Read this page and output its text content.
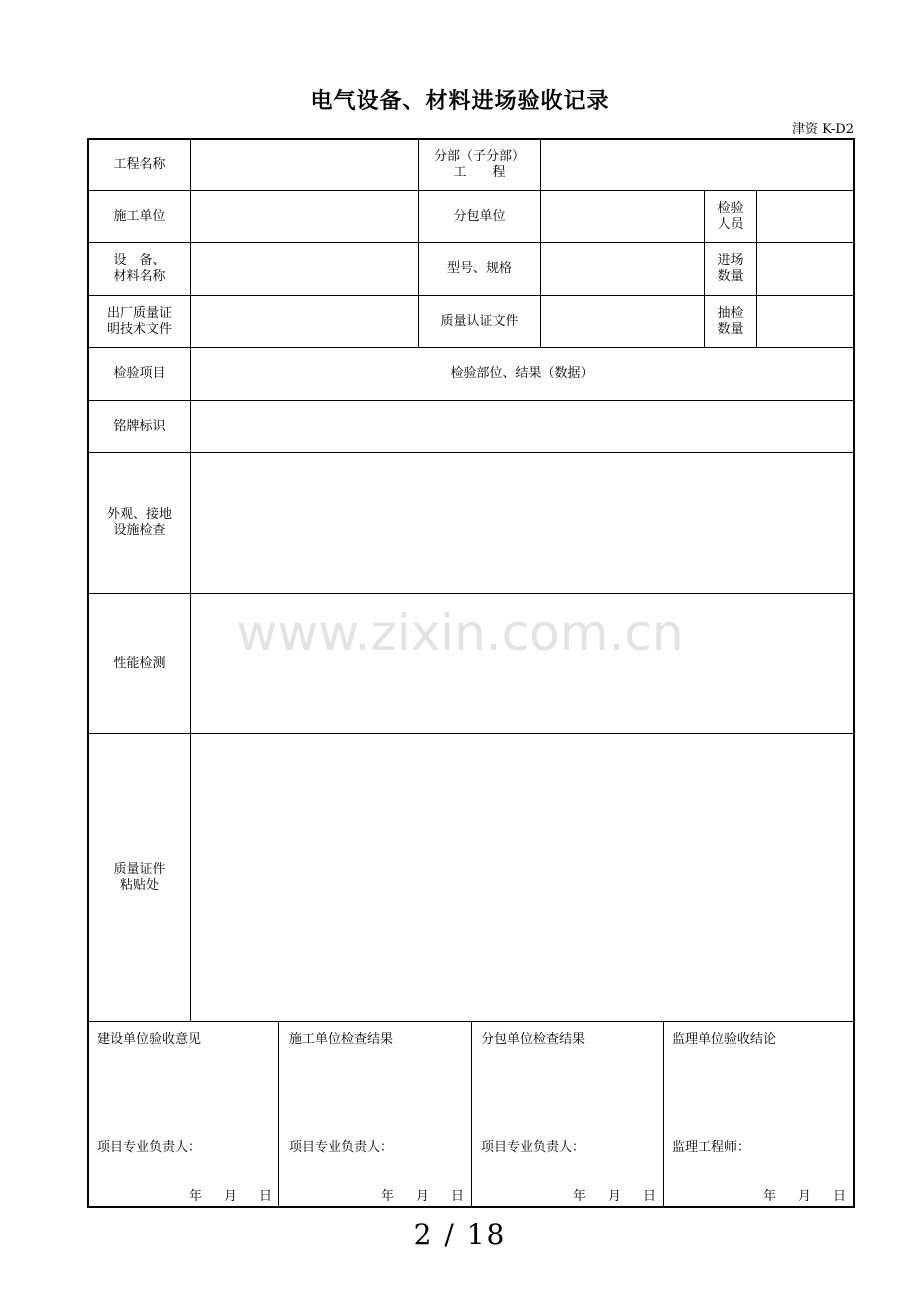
电气设备、材料进场验收记录
津资 K-D2
www.zixin.com.cn
工程名称
分部（子分部）
工　　程
施工单位	分包单位
检验
人员
设　备、
材料名称
型号、规格
进场
数量
出厂质量证
明技术文件
质量认证文件
抽检
数量
检验项目	检验部位、结果（数据）
铭牌标识
外观、接地
设施检查
性能检测
质量证件
粘贴处
建设单位验收意见
项目专业负责人：
年 月 日
施工单位检查结果
项目专业负责人：
年 月 日
分包单位检查结果
项目专业负责人：
年 月 日
监理单位验收结论
监理工程师：
年 月 日
2 / 18
